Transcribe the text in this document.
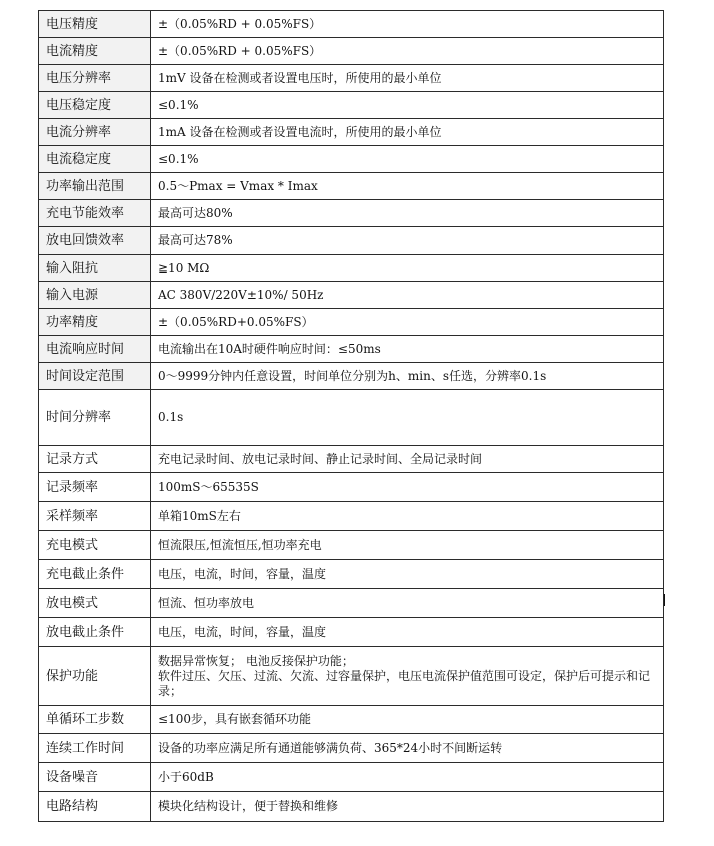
电压精度	±（0.05%RD + 0.05%FS）
电流精度	±（0.05%RD + 0.05%FS）
电压分辨率	1mV 设备在检测或者设置电压时，所使用的最小单位
电压稳定度	≤0.1%
电流分辨率	1mA 设备在检测或者设置电流时，所使用的最小单位
电流稳定度	≤0.1%
功率输出范围	0.5～Pmax = Vmax * Imax
充电节能效率	最高可达80%
放电回馈效率	最高可达78%
输入阻抗	≧10 MΩ
输入电源	AC 380V/220V±10%/ 50Hz
功率精度	±（0.05%RD+0.05%FS）
电流响应时间	电流输出在10A时硬件响应时间：≤50ms
时间设定范围	0～9999分钟内任意设置，时间单位分别为h、min、s任选，分辨率0.1s
时间分辨率	0.1s
记录方式	充电记录时间、放电记录时间、静止记录时间、全局记录时间
记录频率	100mS～65535S
采样频率	单箱10mS左右
充电模式	恒流限压,恒流恒压,恒功率充电
充电截止条件	电压，电流，时间，容量，温度
放电模式	恒流、恒功率放电
放电截止条件	电压，电流，时间，容量，温度
保护功能	数据异常恢复； 电池反接保护功能；
软件过压、欠压、过流、欠流、过容量保护，电压电流保护值范围可设定，保护后可提示和记录；
单循环工步数	≤100步，具有嵌套循环功能
连续工作时间	设备的功率应满足所有通道能够满负荷、365*24小时不间断运转
设备噪音	小于60dB
电路结构	模块化结构设计，便于替换和维修
